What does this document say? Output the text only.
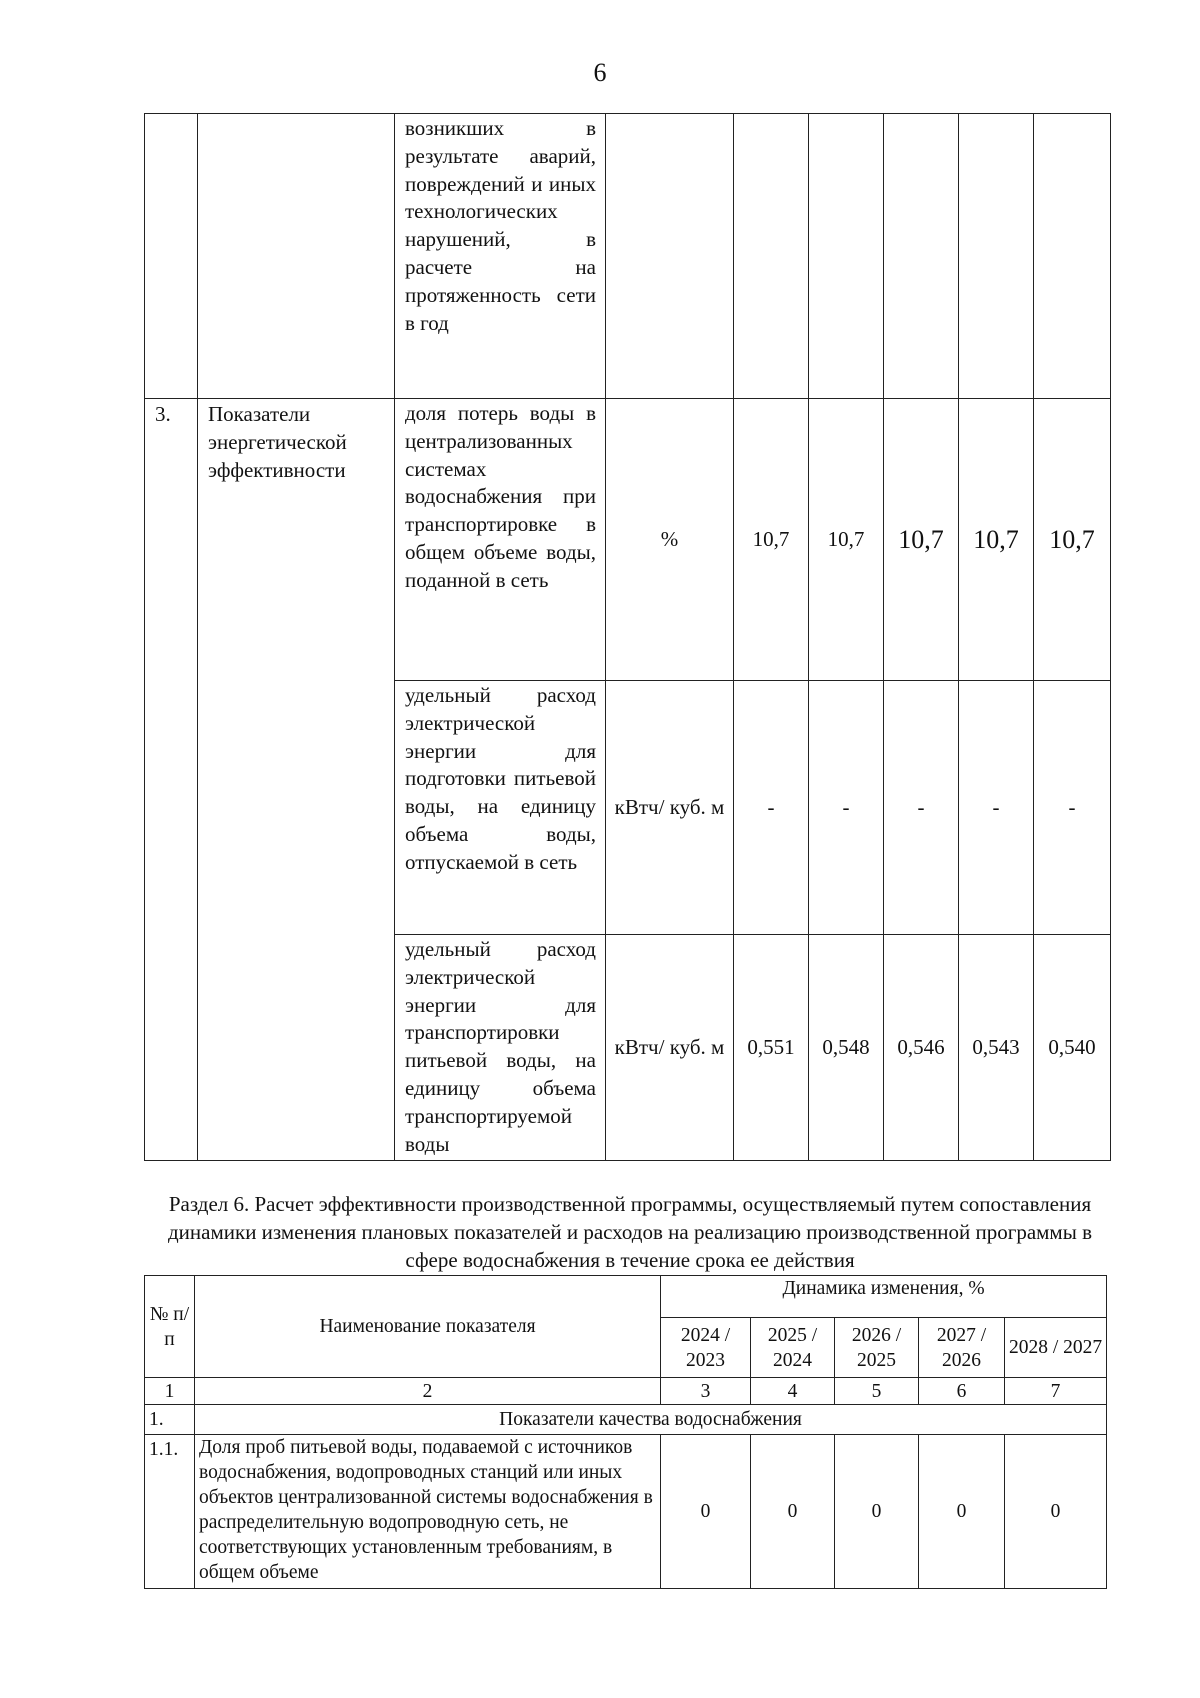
6
		возникших в результате аварий, повреждений и иных технологических нарушений, в расчете на протяженность сети в год						
3.	Показатели энергетической эффективности	доля потерь воды в централизованных системах водоснабжения при транспортировке в общем объеме воды, поданной в сеть	%	10,7	10,7	10,7	10,7	10,7
		удельный расход электрической энергии для подготовки питьевой воды, на единицу объема воды, отпускаемой в сеть	кВтч/ куб. м	-	-	-	-	-
		удельный расход электрической энергии для транспортировки питьевой воды, на единицу объема транспортируемой воды	кВтч/ куб. м	0,551	0,548	0,546	0,543	0,540
Раздел 6. Расчет эффективности производственной программы, осуществляемый путем сопоставления динамики изменения плановых показателей и расходов на реализацию производственной программы в сфере водоснабжения в течение срока ее действия
№ п/п	Наименование показателя	Динамика изменения, %				
		2024 / 2023	2025 / 2024	2026 / 2025	2027 / 2026	2028 / 2027
1	2	3	4	5	6	7
1.	Показатели качества водоснабжения					
1.1.	Доля проб питьевой воды, подаваемой с источников водоснабжения, водопроводных станций или иных объектов централизованной системы водоснабжения в распределительную водопроводную сеть, не соответствующих установленным требованиям, в общем объеме	0	0	0	0	0
